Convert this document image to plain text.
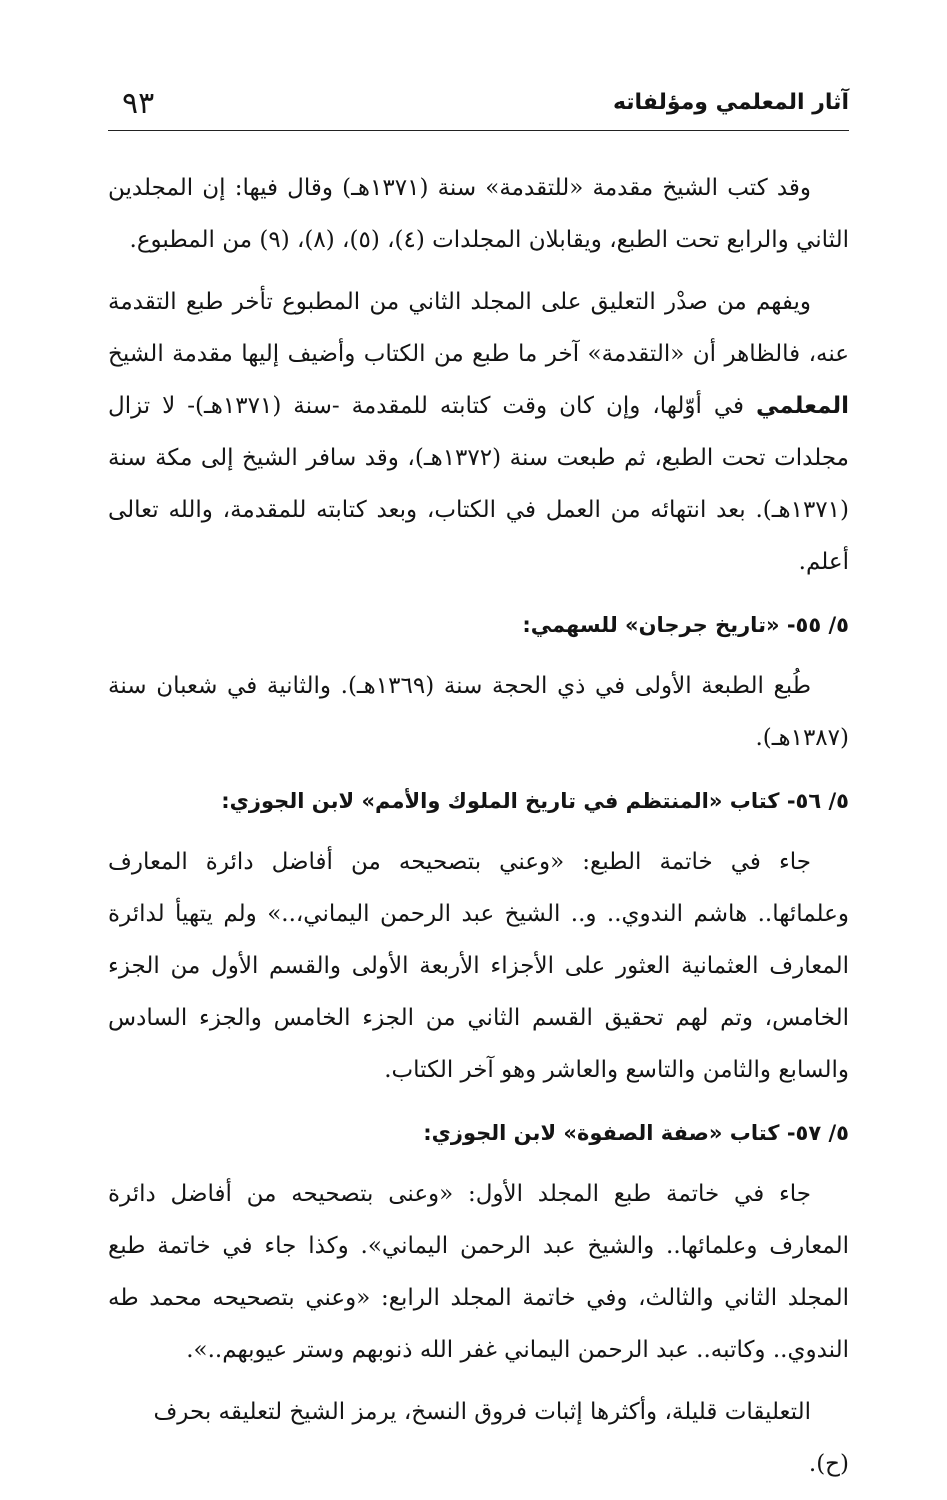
آثار المعلمي ومؤلفاته
٩٣

وقد كتب الشيخ مقدمة «للتقدمة» سنة (١٣٧١هـ) وقال فيها: إن المجلدين الثاني والرابع تحت الطبع، ويقابلان المجلدات (٤)، (٥)، (٨)، (٩) من المطبوع.

ويفهم من صدْر التعليق على المجلد الثاني من المطبوع تأخر طبع التقدمة عنه، فالظاهر أن «التقدمة» آخر ما طبع من الكتاب وأضيف إليها مقدمة الشيخ المعلمي في أوّلها، وإن كان وقت كتابته للمقدمة -سنة (١٣٧١هـ)- لا تزال مجلدات تحت الطبع، ثم طبعت سنة (١٣٧٢هـ)، وقد سافر الشيخ إلى مكة سنة (١٣٧١هـ). بعد انتهائه من العمل في الكتاب، وبعد كتابته للمقدمة، والله تعالى أعلم.

٥/ ٥٥- «تاريخ جرجان» للسهمي:

طُبع الطبعة الأولى في ذي الحجة سنة (١٣٦٩هـ). والثانية في شعبان سنة (١٣٨٧هـ).

٥/ ٥٦- كتاب «المنتظم في تاريخ الملوك والأمم» لابن الجوزي:

جاء في خاتمة الطبع: «وعني بتصحيحه من أفاضل دائرة المعارف وعلمائها.. هاشم الندوي.. و.. الشيخ عبد الرحمن اليماني،..» ولم يتهيأ لدائرة المعارف العثمانية العثور على الأجزاء الأربعة الأولى والقسم الأول من الجزء الخامس، وتم لهم تحقيق القسم الثاني من الجزء الخامس والجزء السادس والسابع والثامن والتاسع والعاشر وهو آخر الكتاب.

٥/ ٥٧- كتاب «صفة الصفوة» لابن الجوزي:

جاء في خاتمة طبع المجلد الأول: «وعنى بتصحيحه من أفاضل دائرة المعارف وعلمائها.. والشيخ عبد الرحمن اليماني». وكذا جاء في خاتمة طبع المجلد الثاني والثالث، وفي خاتمة المجلد الرابع: «وعني بتصحيحه محمد طه الندوي.. وكاتبه.. عبد الرحمن اليماني غفر الله ذنوبهم وستر عيوبهم..».

التعليقات قليلة، وأكثرها إثبات فروق النسخ، يرمز الشيخ لتعليقه بحرف (ح).
